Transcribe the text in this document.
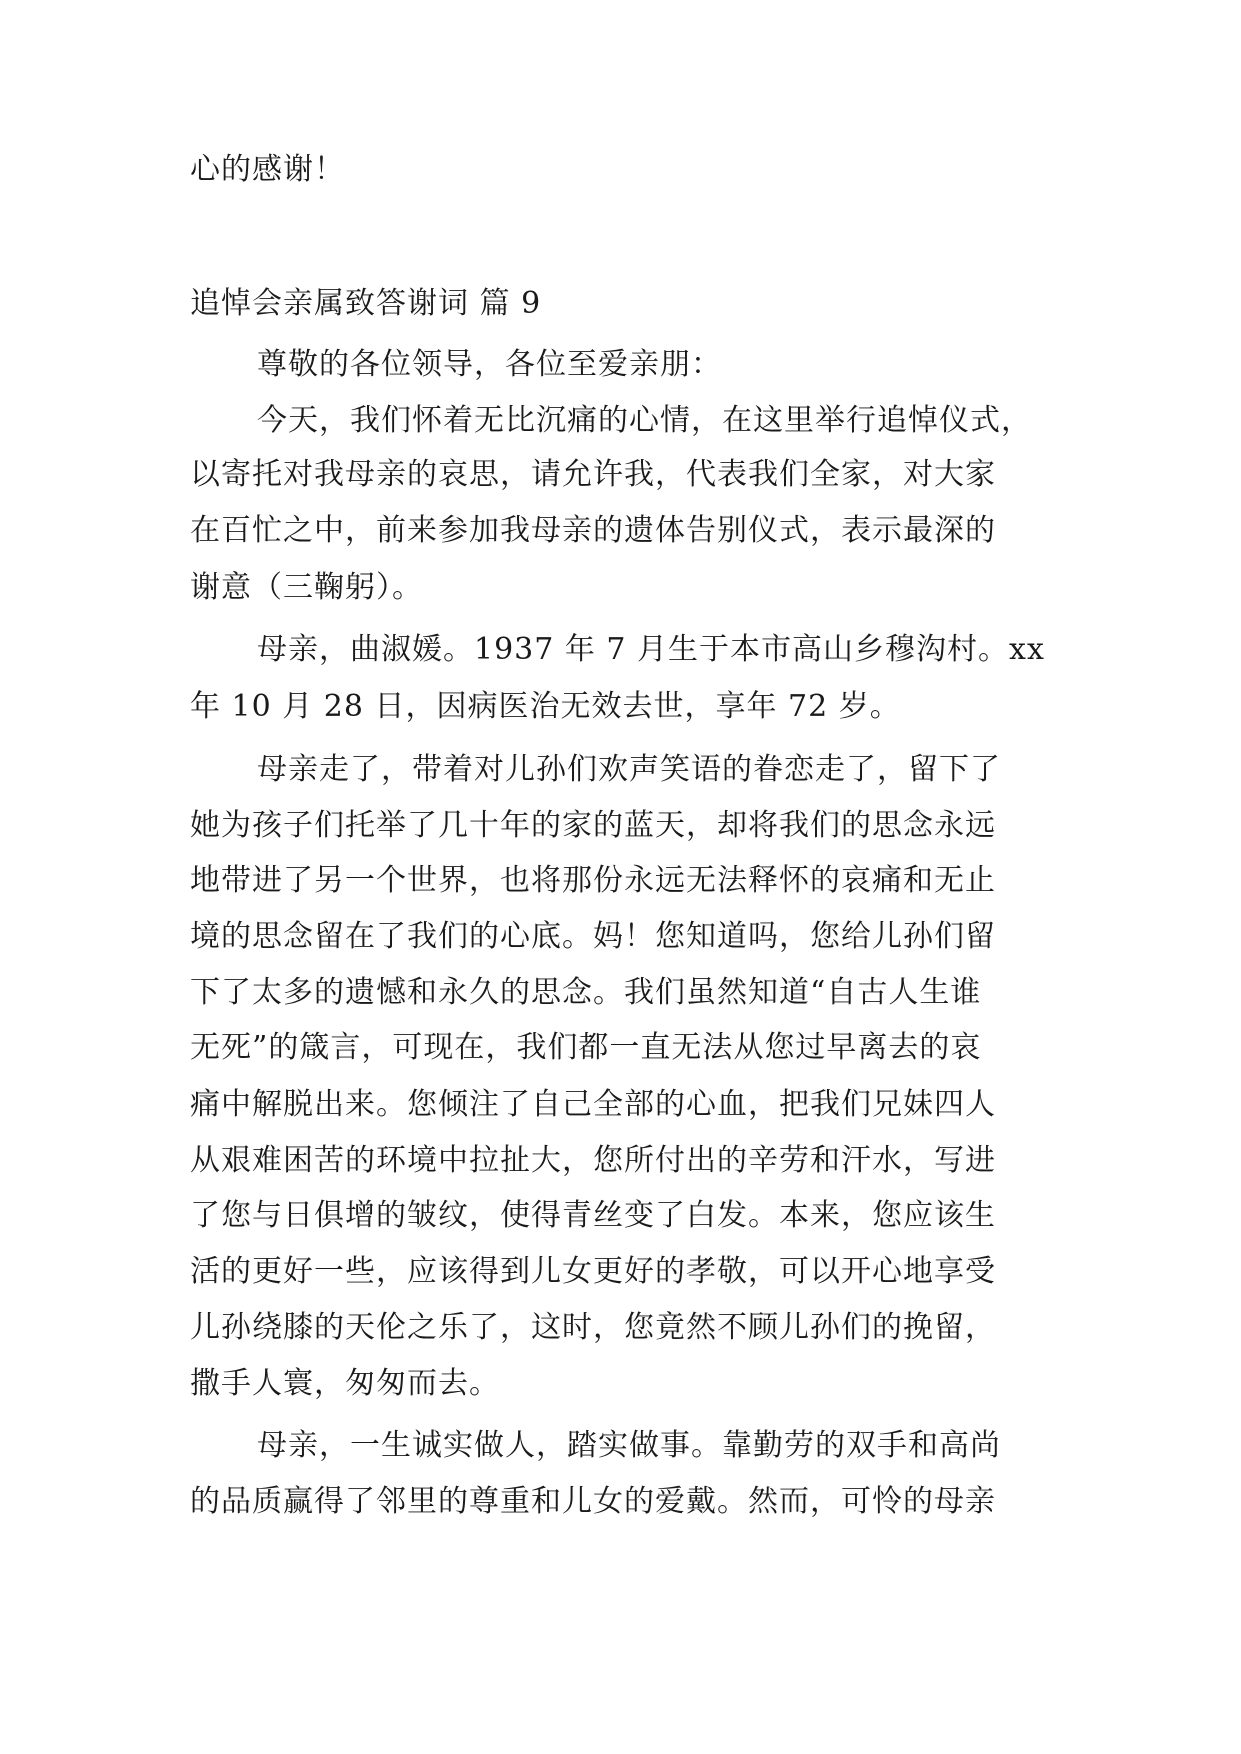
心的感谢！
追悼会亲属致答谢词 篇 9
尊敬的各位领导，各位至爱亲朋：
今天，我们怀着无比沉痛的心情，在这里举行追悼仪式，
以寄托对我母亲的哀思，请允许我，代表我们全家，对大家
在百忙之中，前来参加我母亲的遗体告别仪式，表示最深的
谢意（三鞠躬）。
母亲，曲淑媛。1937 年 7 月生于本市高山乡穆沟村。xx
年 10 月 28 日，因病医治无效去世，享年 72 岁。
母亲走了，带着对儿孙们欢声笑语的眷恋走了，留下了
她为孩子们托举了几十年的家的蓝天，却将我们的思念永远
地带进了另一个世界，也将那份永远无法释怀的哀痛和无止
境的思念留在了我们的心底。妈！您知道吗，您给儿孙们留
下了太多的遗憾和永久的思念。我们虽然知道“自古人生谁
无死”的箴言，可现在，我们都一直无法从您过早离去的哀
痛中解脱出来。您倾注了自己全部的心血，把我们兄妹四人
从艰难困苦的环境中拉扯大，您所付出的辛劳和汗水，写进
了您与日俱增的皱纹，使得青丝变了白发。本来，您应该生
活的更好一些，应该得到儿女更好的孝敬，可以开心地享受
儿孙绕膝的天伦之乐了，这时，您竟然不顾儿孙们的挽留，
撒手人寰，匆匆而去。
母亲，一生诚实做人，踏实做事。靠勤劳的双手和高尚
的品质赢得了邻里的尊重和儿女的爱戴。然而，可怜的母亲
